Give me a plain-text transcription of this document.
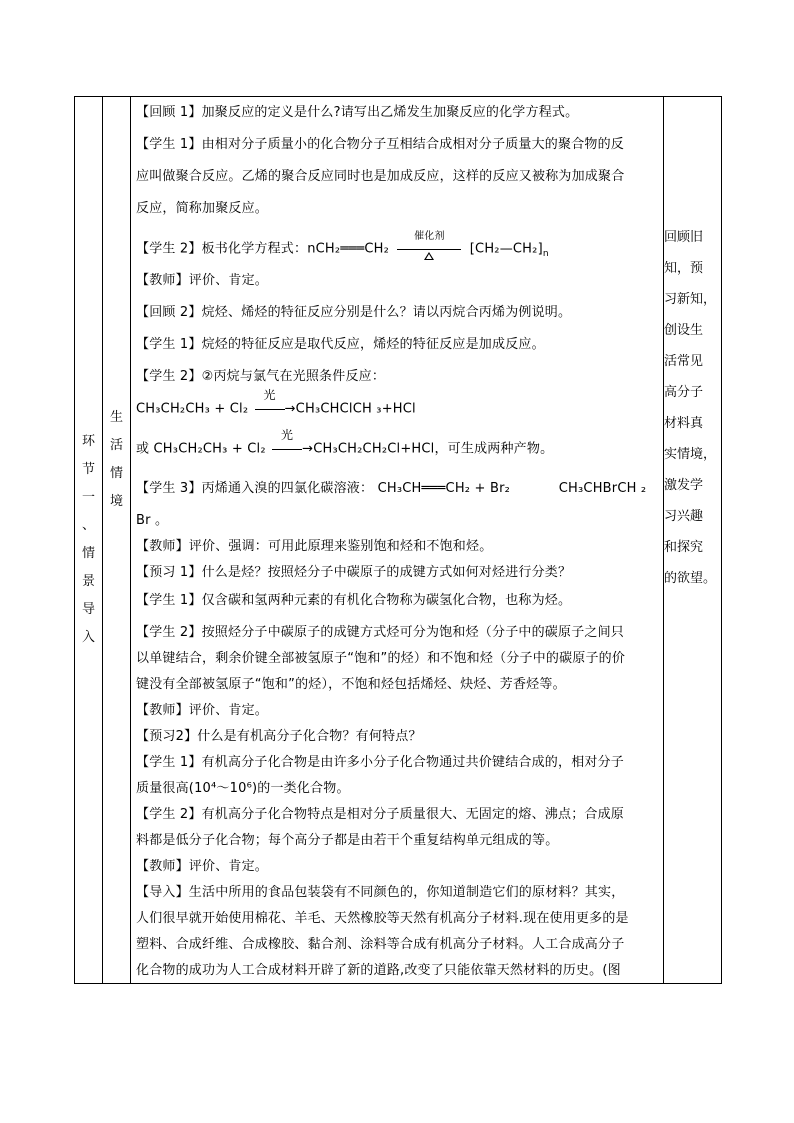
环
节
一
、
情
景
导
入
生
活
情
境
【回顾 1】加聚反应的定义是什么?请写出乙烯发生加聚反应的化学方程式。
【学生 1】由相对分子质量小的化合物分子互相结合成相对分子质量大的聚合物的反
应叫做聚合反应。乙烯的聚合反应同时也是加成反应，这样的反应又被称为加成聚合
反应，简称加聚反应。
【学生 2】板书化学方程式：nCH₂═══CH₂
催化剂
$[CH_2—CH_2]_n$
【教师】评价、肯定。
【回顾 2】烷烃、烯烃的特征反应分别是什么？请以丙烷合丙烯为例说明。
【学生 1】烷烃的特征反应是取代反应，烯烃的特征反应是加成反应。
【学生 2】②丙烷与氯气在光照条件反应：
CH₃CH₂CH₃ + Cl₂
光
→CH₃CHClCH ₃+HCl
或 CH₃CH₂CH₃ + Cl₂
光
→CH₃CH₂CH₂Cl+HCl，可生成两种产物。
【学生 3】丙烯通入溴的四氯化碳溶液： CH₃CH═══CH₂ + Br₂	CH₃CHBrCH ₂
Br 。
【教师】评价、强调：可用此原理来鉴别饱和烃和不饱和烃。
【预习 1】什么是烃？按照烃分子中碳原子的成键方式如何对烃进行分类？
【学生 1】仅含碳和氢两种元素的有机化合物称为碳氢化合物，也称为烃。
【学生 2】按照烃分子中碳原子的成键方式烃可分为饱和烃（分子中的碳原子之间只
以单键结合，剩余价键全部被氢原子“饱和”的烃）和不饱和烃（分子中的碳原子的价
键没有全部被氢原子“饱和”的烃），不饱和烃包括烯烃、炔烃、芳香烃等。
【教师】评价、肯定。
【预习2】什么是有机高分子化合物？有何特点？
【学生 1】有机高分子化合物是由许多小分子化合物通过共价键结合成的，相对分子
质量很高(10⁴～10⁶)的一类化合物。
【学生 2】有机高分子化合物特点是相对分子质量很大、无固定的熔、沸点；合成原
料都是低分子化合物；每个高分子都是由若干个重复结构单元组成的等。
【教师】评价、肯定。
【导入】生活中所用的食品包装袋有不同颜色的，你知道制造它们的原材料？其实，
人们很早就开始使用棉花、羊毛、天然橡胶等天然有机高分子材料.现在使用更多的是
塑料、合成纤维、合成橡胶、黏合剂、涂料等合成有机高分子材料。人工合成高分子
化合物的成功为人工合成材料开辟了新的道路,改变了只能依靠天然材料的历史。(图
回顾旧
知，预
习新知，
创设生
活常见
高分子
材料真
实情境，
激发学
习兴趣
和探究
的欲望。
